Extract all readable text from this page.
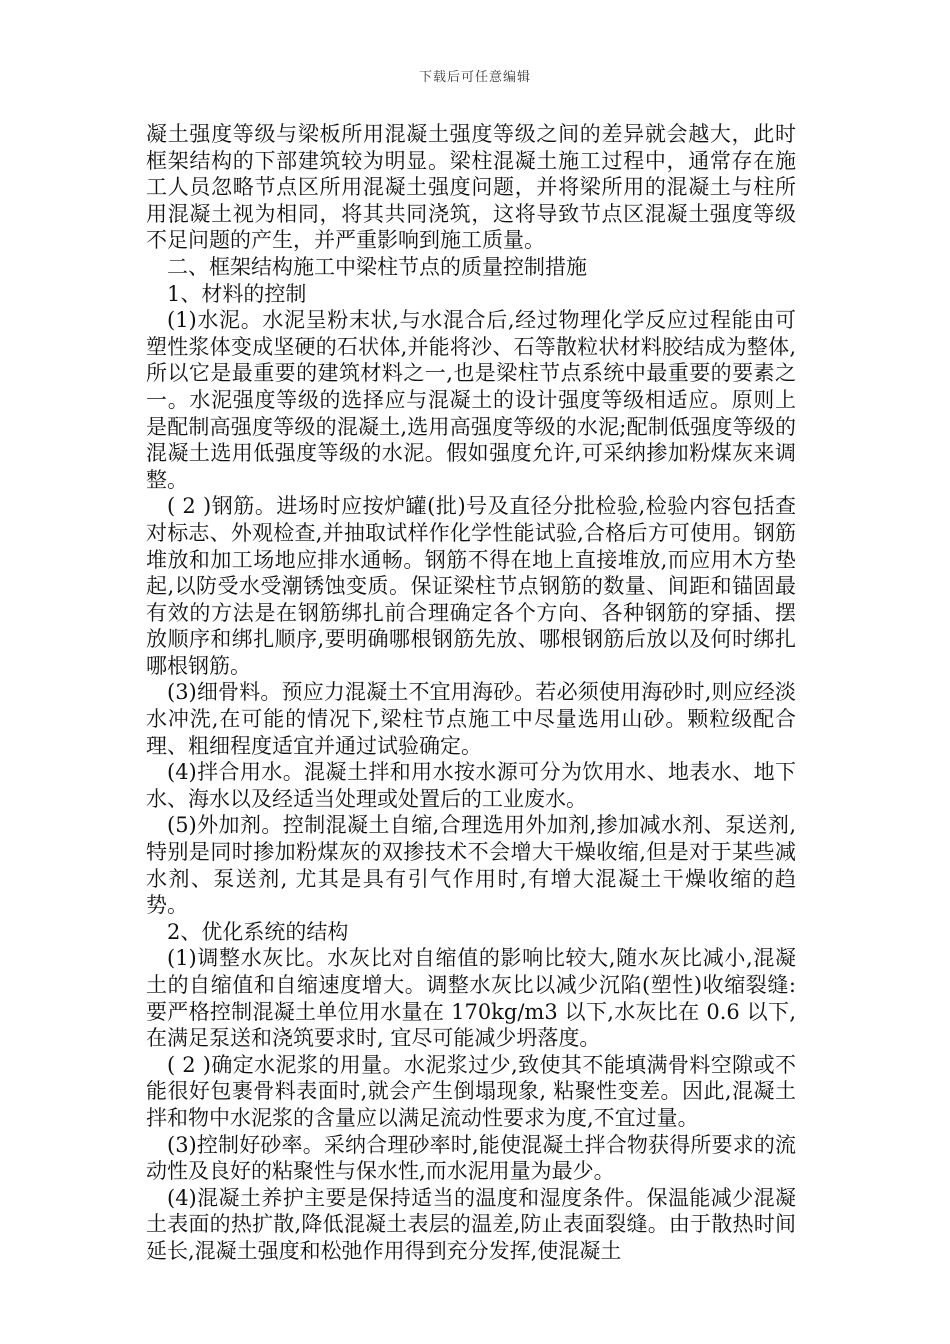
下载后可任意编辑

凝土强度等级与梁板所用混凝土强度等级之间的差异就会越大，此时框架结构的下部建筑较为明显。梁柱混凝土施工过程中，通常存在施工人员忽略节点区所用混凝土强度问题，并将梁所用的混凝土与柱所用混凝土视为相同，将其共同浇筑，这将导致节点区混凝土强度等级不足问题的产生，并严重影响到施工质量。

二、框架结构施工中梁柱节点的质量控制措施

1、材料的控制

(1)水泥。水泥呈粉末状,与水混合后,经过物理化学反应过程能由可塑性浆体变成坚硬的石状体,并能将沙、石等散粒状材料胶结成为整体,所以它是最重要的建筑材料之一,也是梁柱节点系统中最重要的要素之一。水泥强度等级的选择应与混凝土的设计强度等级相适应。原则上是配制高强度等级的混凝土,选用高强度等级的水泥;配制低强度等级的混凝土选用低强度等级的水泥。假如强度允许,可采纳掺加粉煤灰来调整。

( 2 )钢筋。进场时应按炉罐(批)号及直径分批检验,检验内容包括查对标志、外观检查,并抽取试样作化学性能试验,合格后方可使用。钢筋堆放和加工场地应排水通畅。钢筋不得在地上直接堆放,而应用木方垫起,以防受水受潮锈蚀变质。保证梁柱节点钢筋的数量、间距和锚固最有效的方法是在钢筋绑扎前合理确定各个方向、各种钢筋的穿插、摆放顺序和绑扎顺序,要明确哪根钢筋先放、哪根钢筋后放以及何时绑扎哪根钢筋。

(3)细骨料。预应力混凝土不宜用海砂。若必须使用海砂时,则应经淡水冲洗,在可能的情况下,梁柱节点施工中尽量选用山砂。颗粒级配合理、粗细程度适宜并通过试验确定。

(4)拌合用水。混凝土拌和用水按水源可分为饮用水、地表水、地下水、海水以及经适当处理或处置后的工业废水。

(5)外加剂。控制混凝土自缩,合理选用外加剂,掺加减水剂、泵送剂,特别是同时掺加粉煤灰的双掺技术不会增大干燥收缩,但是对于某些减水剂、泵送剂, 尤其是具有引气作用时,有增大混凝土干燥收缩的趋势。

2、优化系统的结构

(1)调整水灰比。水灰比对自缩值的影响比较大,随水灰比减小,混凝土的自缩值和自缩速度增大。调整水灰比以减少沉陷(塑性)收缩裂缝:要严格控制混凝土单位用水量在 170kg/m3 以下,水灰比在 0.6 以下,在满足泵送和浇筑要求时, 宜尽可能减少坍落度。

( 2 )确定水泥浆的用量。水泥浆过少,致使其不能填满骨料空隙或不能很好包裹骨料表面时,就会产生倒塌现象, 粘聚性变差。因此,混凝土拌和物中水泥浆的含量应以满足流动性要求为度,不宜过量。

(3)控制好砂率。采纳合理砂率时,能使混凝土拌合物获得所要求的流动性及良好的粘聚性与保水性,而水泥用量为最少。

(4)混凝土养护主要是保持适当的温度和湿度条件。保温能减少混凝土表面的热扩散,降低混凝土表层的温差,防止表面裂缝。由于散热时间延长,混凝土强度和松弛作用得到充分发挥,使混凝土
